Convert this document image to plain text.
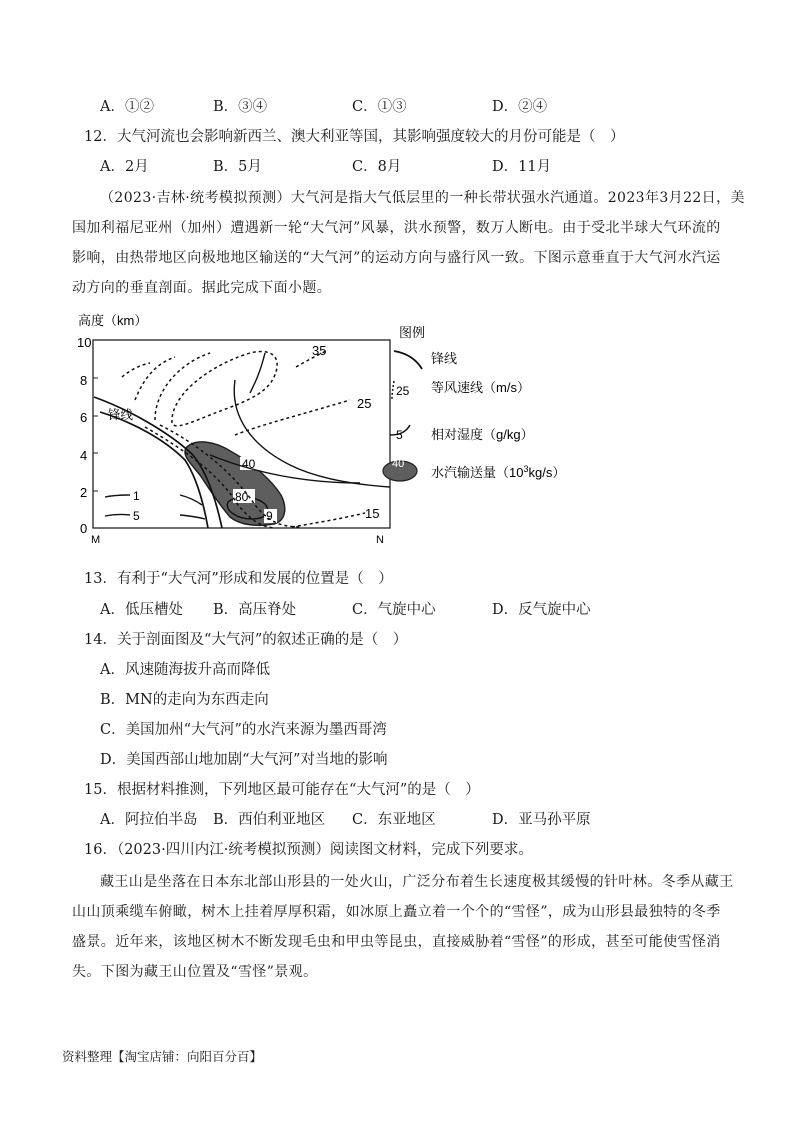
A．①②	B．③④	C．①③	D．②④
12．大气河流也会影响新西兰、澳大利亚等国，其影响强度较大的月份可能是（　）
A．2月	B．5月	C．8月	D．11月
（2023·吉林·统考模拟预测）大气河是指大气低层里的一种长带状强水汽通道。2023年3月22日，美
国加利福尼亚州（加州）遭遇新一轮“大气河”风暴，洪水预警，数万人断电。由于受北半球大气环流的
影响，由热带地区向极地地区输送的“大气河”的运动方向与盛行风一致。下图示意垂直于大气河水汽运
动方向的垂直剖面。据此完成下面小题。
高度（km）
10
8
6
4
2
0
M	N
80
40
9
锋线
35
25
15
1
5
图例
锋线
25 等风速线（m/s）
5 相对湿度（g/kg）
40
水汽输送量$(10^3kg/s)$
13．有利于“大气河”形成和发展的位置是（　）
A．低压槽处 B．高压脊处	C．气旋中心	D．反气旋中心
14．关于剖面图及“大气河”的叙述正确的是（　）
A．风速随海拔升高而降低
B．MN的走向为东西走向
C．美国加州“大气河”的水汽来源为墨西哥湾
D．美国西部山地加剧“大气河”对当地的影响
15．根据材料推测，下列地区最可能存在“大气河”的是（　）
A．阿拉伯半岛 B．西伯利亚地区 C．东亚地区	D．亚马孙平原
16．（2023·四川内江·统考模拟预测）阅读图文材料，完成下列要求。
藏王山是坐落在日本东北部山形县的一处火山，广泛分布着生长速度极其缓慢的针叶林。冬季从藏王
山山顶乘缆车俯瞰，树木上挂着厚厚积霜，如冰原上矗立着一个个的“雪怪”，成为山形县最独特的冬季
盛景。近年来，该地区树木不断发现毛虫和甲虫等昆虫，直接威胁着“雪怪”的形成，甚至可能使雪怪消
失。下图为藏王山位置及“雪怪”景观。
资料整理【淘宝店铺：向阳百分百】
